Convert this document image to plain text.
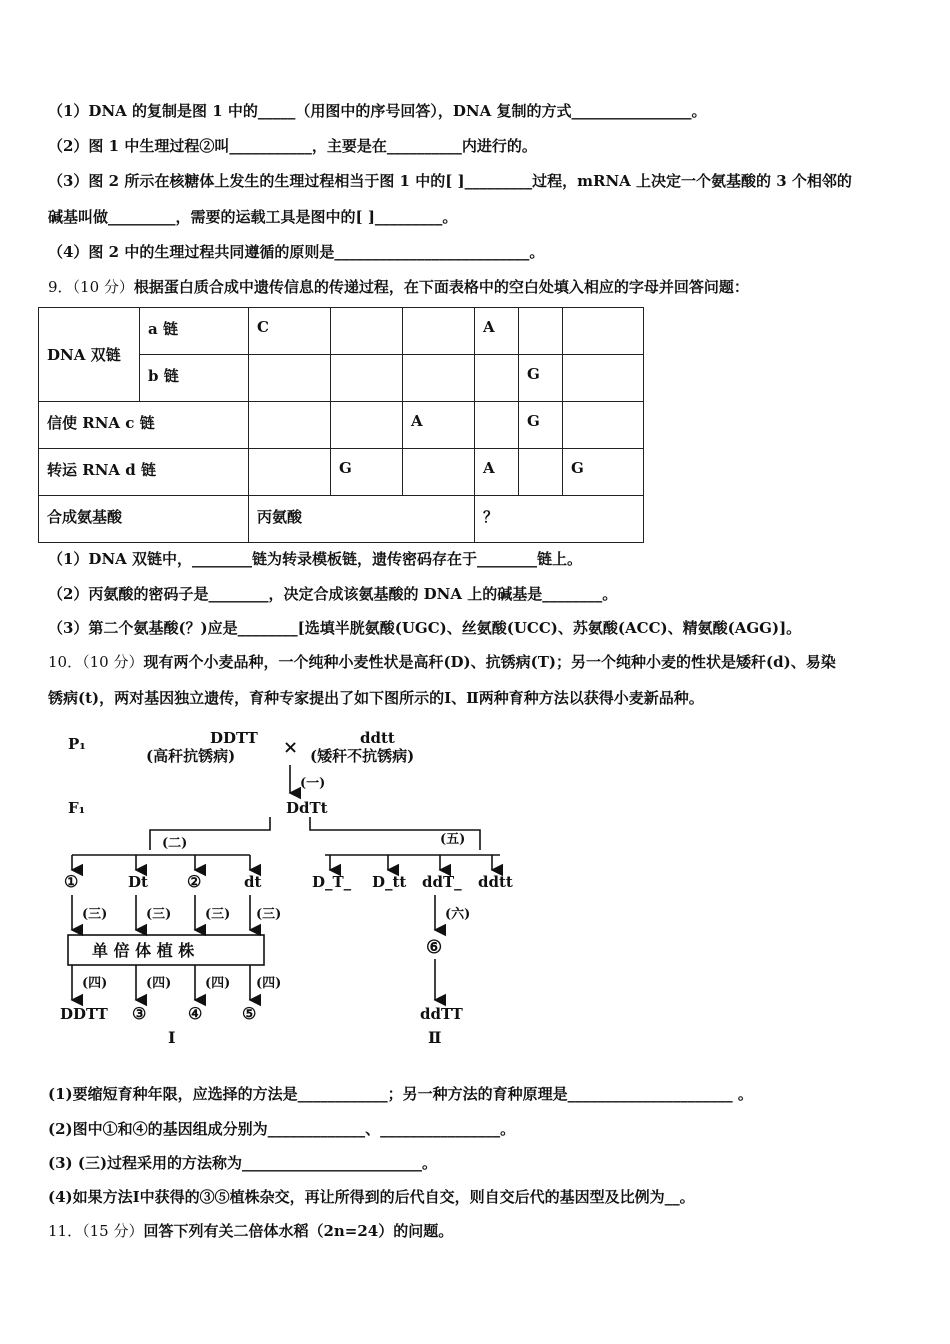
（1）DNA 的复制是图 1 中的_____（用图中的序号回答），DNA 复制的方式________________。
（2）图 1 中生理过程②叫___________，主要是在__________内进行的。
（3）图 2 所示在核糖体上发生的生理过程相当于图 1 中的[ ]_________过程，mRNA 上决定一个氨基酸的 3 个相邻的
碱基叫做_________，需要的运载工具是图中的[ ]_________。
（4）图 2 中的生理过程共同遵循的原则是__________________________。
9．（10 分）根据蛋白质合成中遗传信息的传递过程，在下面表格中的空白处填入相应的字母并回答问题：
DNA 双链	a 链	C			A		
	b 链					G	
信使 RNA c 链				A		G	
转运 RNA d 链			G		A		G
合成氨基酸		丙氨酸			？		
（1）DNA 双链中，________链为转录模板链，遗传密码存在于________链上。
（2）丙氨酸的密码子是________，决定合成该氨基酸的 DNA 上的碱基是________。
（3）第二个氨基酸(？)应是________[选填半胱氨酸(UGC)、丝氨酸(UCC)、苏氨酸(ACC)、精氨酸(AGG)]。
10．（10 分）现有两个小麦品种，一个纯种小麦性状是高秆(D)、抗锈病(T)；另一个纯种小麦的性状是矮秆(d)、易染
锈病(t)，两对基因独立遗传，育种专家提出了如下图所示的Ⅰ、Ⅱ两种育种方法以获得小麦新品种。
P₁	DDTT
(高秆抗锈病)	×	ddtt
(矮秆不抗锈病)
(一)
F₁	DdTt
(二)
①	Dt ②	dt
(三)	(三)	(三) (三)
单 倍 体 植 株
(四)	(四)	(四) (四)
DDTT ③	④ ⑤
Ⅰ
(五)
D_T_ D_tt ddT_ ddtt
(六)
⑥
ddTT
Ⅱ
(1)要缩短育种年限，应选择的方法是____________；另一种方法的育种原理是______________________ 。
(2)图中①和④的基因组成分别为_____________、________________。
(3) (三)过程采用的方法称为________________________。
(4)如果方法Ⅰ中获得的③⑤植株杂交，再让所得到的后代自交，则自交后代的基因型及比例为__。
11．（15 分）回答下列有关二倍体水稻（2n=24）的问题。
